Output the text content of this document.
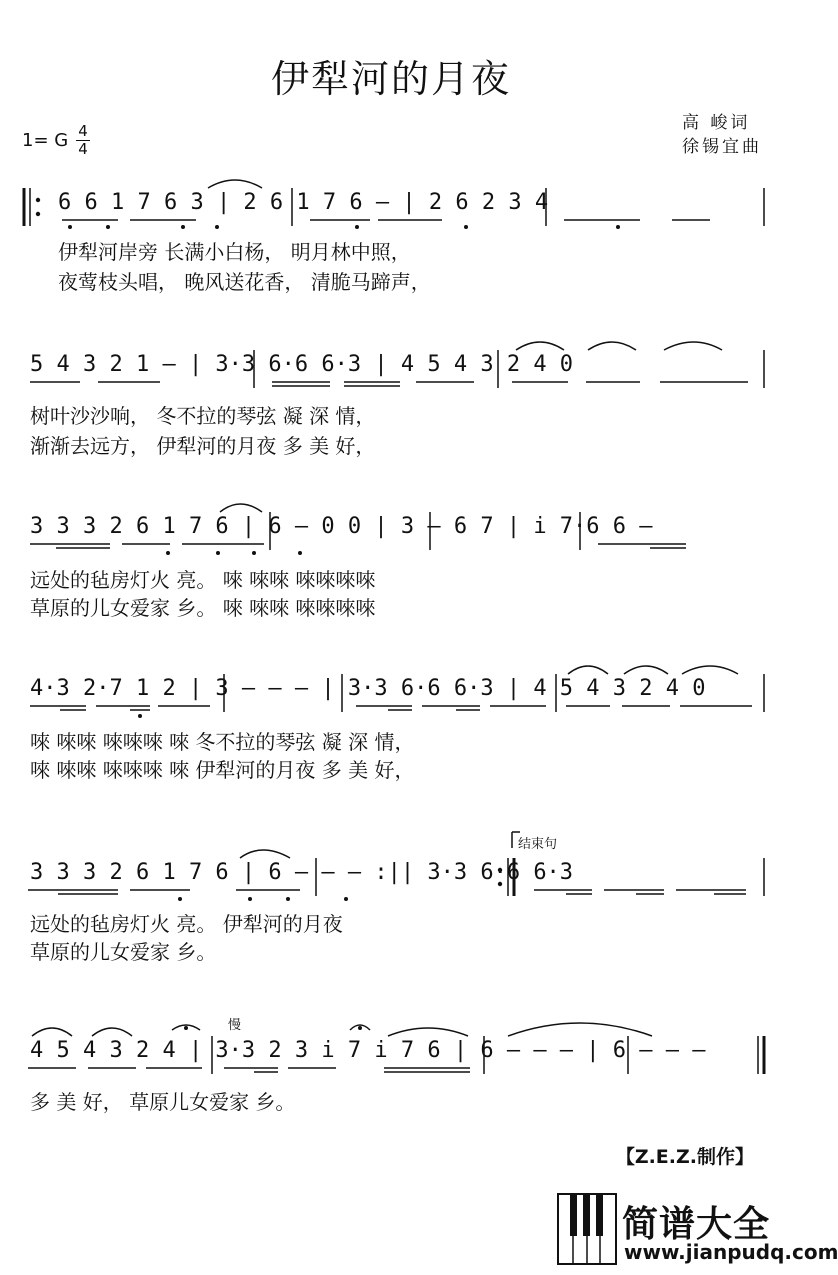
伊犁河的月夜
高 峻词
徐锡宜曲
1= G 4
4
6 6 1 7 6 3 | 2 6 1 7 6 – | 2 6 2 3 4
伊犁河岸旁 长满小白杨， 明月林中照，
夜莺枝头唱， 晚风送花香， 清脆马蹄声，
5 4 3 2 1 – | 3·3 6·6 6·3 | 4 5 4 3 2 4 0
树叶沙沙响， 冬不拉的琴弦 凝 深 情，
渐渐去远方， 伊犁河的月夜 多 美 好，
3 3 3 2 6 1 7 6 | 6 – 0 0 | 3 – 6 7 | i 7·6 6 –
远处的毡房灯火 亮。 唻 唻唻 唻唻唻唻
草原的儿女爱家 乡。 唻 唻唻 唻唻唻唻
4·3 2·7 1 2 | 3 – – – | 3·3 6·6 6·3 | 4 5 4 3 2 4 0
唻 唻唻 唻唻唻 唻 冬不拉的琴弦 凝 深 情，
唻 唻唻 唻唻唻 唻 伊犁河的月夜 多 美 好，
结束句
3 3 3 2 6 1 7 6 | 6 – – – :|| 3·3 6·6 6·3
远处的毡房灯火 亮。 伊犁河的月夜
草原的儿女爱家 乡。
慢
4 5 4 3 2 4 | 3·3 2 3 i 7 i 7 6 | 6 – – – | 6 – – –
多 美 好， 草原儿女爱家 乡。
【Z.E.Z.制作】
简谱大全
www.jianpudq.com
